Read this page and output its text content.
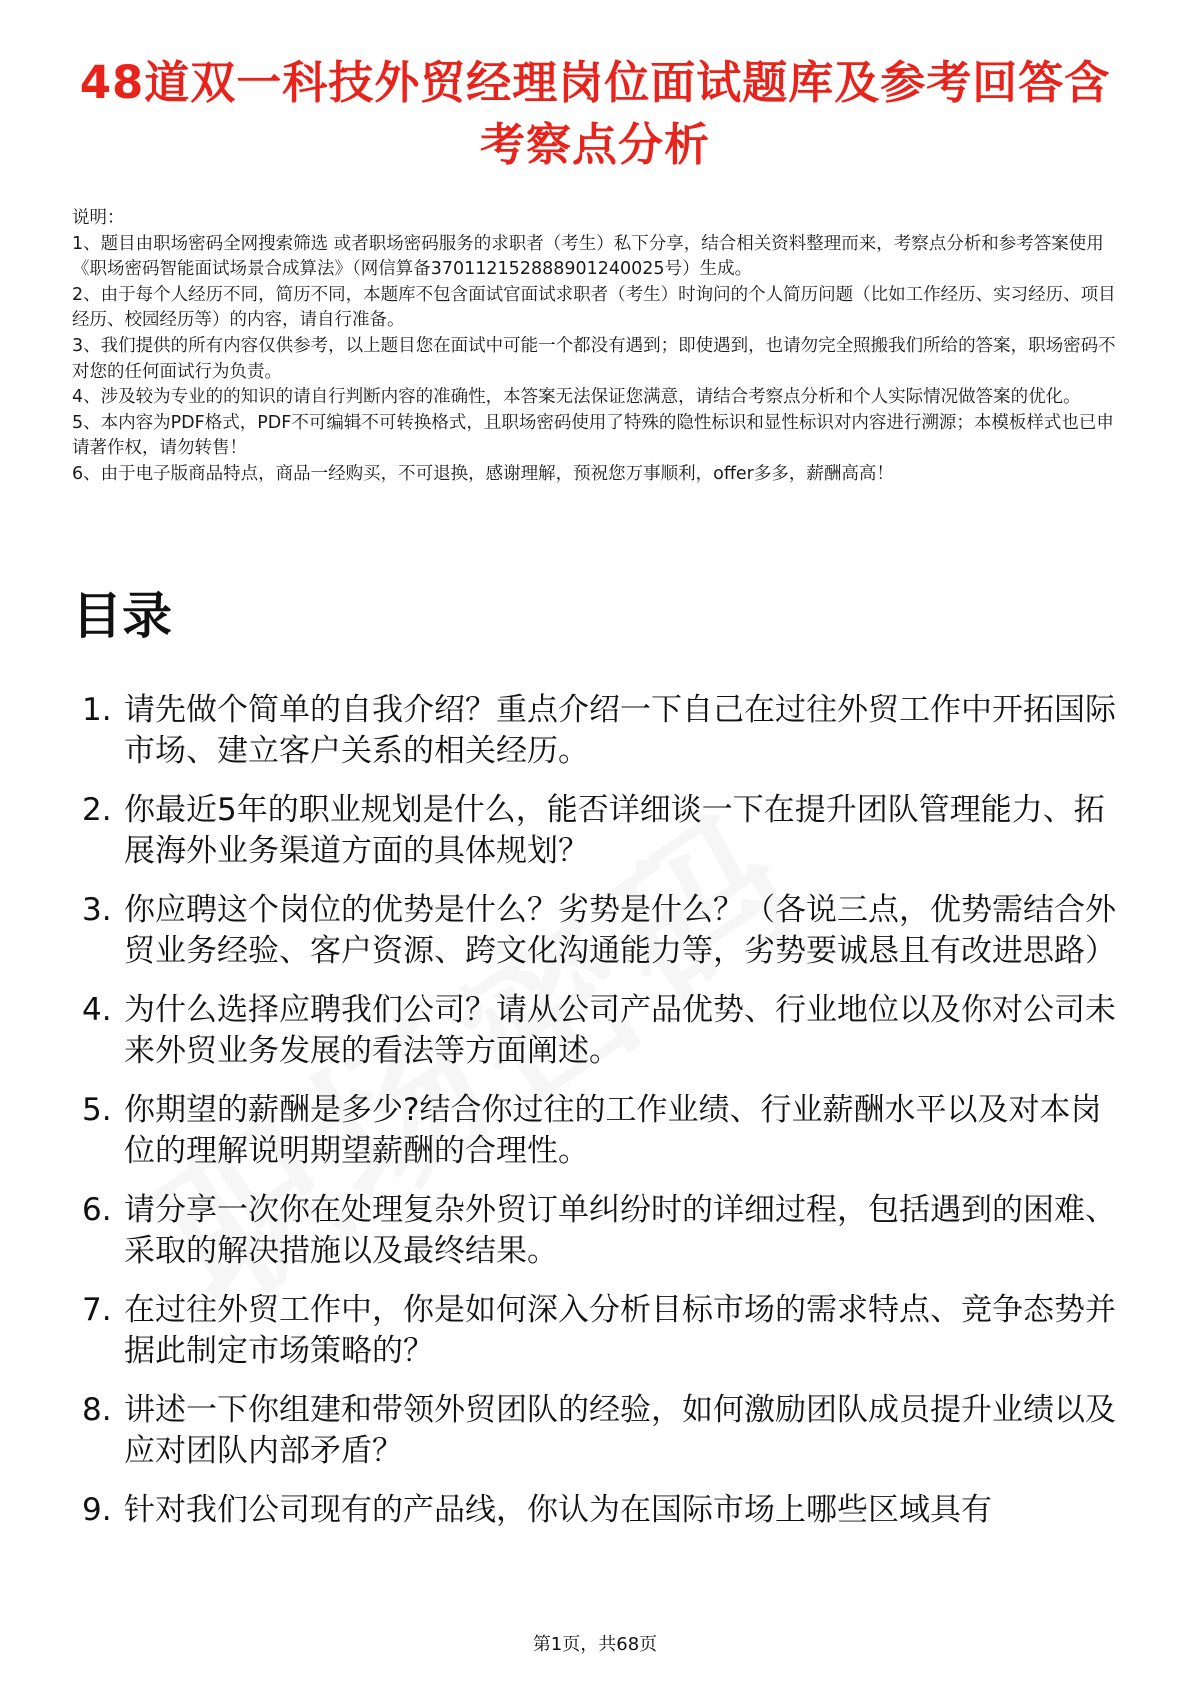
48道双一科技外贸经理岗位面试题库及参考回答含考察点分析

说明：

1、题目由职场密码全网搜索筛选 或者职场密码服务的求职者（考生）私下分享，结合相关资料整理而来，考察点分析和参考答案使用《职场密码智能面试场景合成算法》（网信算备370112152888901240025号）生成。

2、由于每个人经历不同，简历不同，本题库不包含面试官面试求职者（考生）时询问的个人简历问题（比如工作经历、实习经历、项目经历、校园经历等）的内容，请自行准备。

3、我们提供的所有内容仅供参考，以上题目您在面试中可能一个都没有遇到；即使遇到，也请勿完全照搬我们所给的答案，职场密码不对您的任何面试行为负责。

4、涉及较为专业的的知识的请自行判断内容的准确性，本答案无法保证您满意，请结合考察点分析和个人实际情况做答案的优化。

5、本内容为PDF格式，PDF不可编辑不可转换格式，且职场密码使用了特殊的隐性标识和显性标识对内容进行溯源；本模板样式也已申请著作权，请勿转售！

6、由于电子版商品特点，商品一经购买，不可退换，感谢理解，预祝您万事顺利，offer多多，薪酬高高！

目录
1. 请先做个简单的自我介绍？重点介绍一下自己在过往外贸工作中开拓国际市场、建立客户关系的相关经历。
2. 你最近5年的职业规划是什么，能否详细谈一下在提升团队管理能力、拓展海外业务渠道方面的具体规划？
3. 你应聘这个岗位的优势是什么？劣势是什么？（各说三点，优势需结合外贸业务经验、客户资源、跨文化沟通能力等，劣势要诚恳且有改进思路）
4. 为什么选择应聘我们公司？请从公司产品优势、行业地位以及你对公司未来外贸业务发展的看法等方面阐述。
5. 你期望的薪酬是多少?结合你过往的工作业绩、行业薪酬水平以及对本岗位的理解说明期望薪酬的合理性。
6. 请分享一次你在处理复杂外贸订单纠纷时的详细过程，包括遇到的困难、采取的解决措施以及最终结果。
7. 在过往外贸工作中，你是如何深入分析目标市场的需求特点、竞争态势并据此制定市场策略的？
8. 讲述一下你组建和带领外贸团队的经验，如何激励团队成员提升业绩以及应对团队内部矛盾？
9. 针对我们公司现有的产品线，你认为在国际市场上哪些区域具有
第1页，共68页
